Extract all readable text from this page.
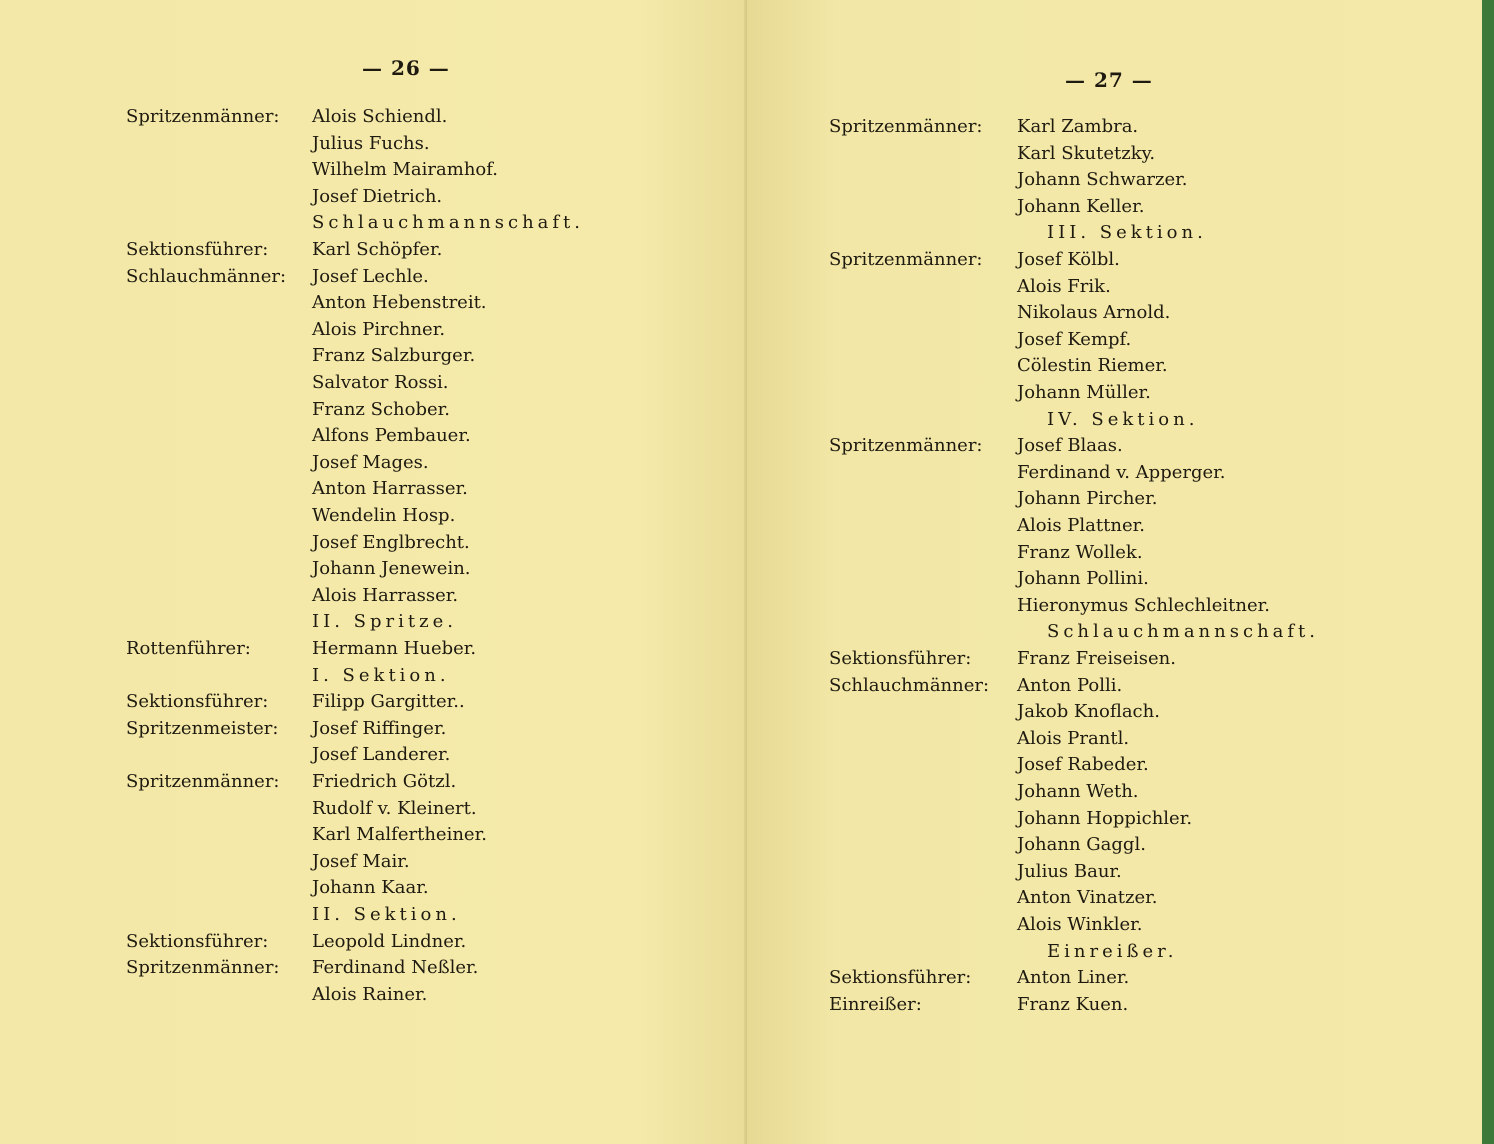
— 26 —
Spritzenmänner: Alois Schiendl.
Julius Fuchs.
Wilhelm Mairamhof.
Josef Dietrich.
Schlauchmannschaft.
Sektionsführer: Karl Schöpfer.
Schlauchmänner: Josef Lechle.
Anton Hebenstreit.
Alois Pirchner.
Franz Salzburger.
Salvator Rossi.
Franz Schober.
Alfons Pembauer.
Josef Mages.
Anton Harrasser.
Wendelin Hosp.
Josef Englbrecht.
Johann Jenewein.
Alois Harrasser.
II. Spritze.
Rottenführer:	Hermann Hueber.
I. Sektion.
Sektionsführer: Filipp Gargitter..
Spritzenmeister: Josef Riffinger.
Josef Landerer.
Spritzenmänner: Friedrich Götzl.
Rudolf v. Kleinert.
Karl Malfertheiner.
Josef Mair.
Johann Kaar.
II. Sektion.
Sektionsführer: Leopold Lindner.
Spritzenmänner: Ferdinand Neßler.
Alois Rainer.
— 27 —
Spritzenmänner: Karl Zambra.
Karl Skutetzky.
Johann Schwarzer.
Johann Keller.
III. Sektion.
Spritzenmänner: Josef Kölbl.
Alois Frik.
Nikolaus Arnold.
Josef Kempf.
Cölestin Riemer.
Johann Müller.
IV. Sektion.
Spritzenmänner: Josef Blaas.
Ferdinand v. Apperger.
Johann Pircher.
Alois Plattner.
Franz Wollek.
Johann Pollini.
Hieronymus Schlechleitner.
Schlauchmannschaft.
Sektionsführer:	Franz Freiseisen.
Schlauchmänner: Anton Polli.
Jakob Knoflach.
Alois Prantl.
Josef Rabeder.
Johann Weth.
Johann Hoppichler.
Johann Gaggl.
Julius Baur.
Anton Vinatzer.
Alois Winkler.
Einreißer.
Sektionsführer:	Anton Liner.
Einreißer:	Franz Kuen.
